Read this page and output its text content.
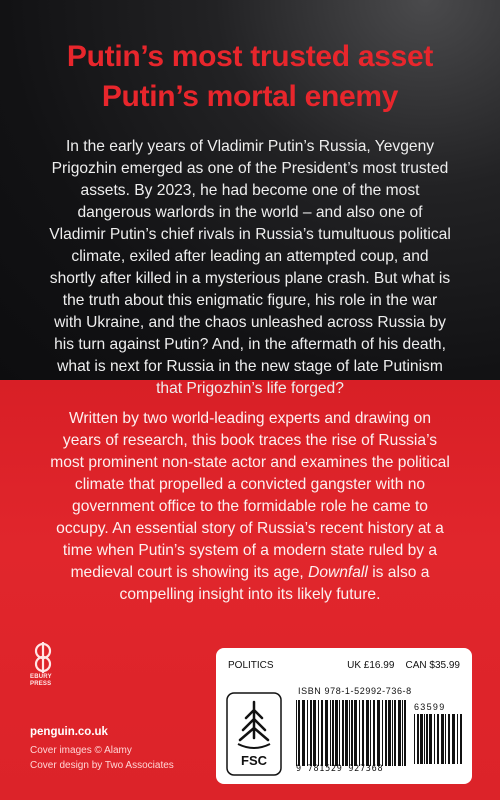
Putin’s most trusted asset
Putin’s mortal enemy

In the early years of Vladimir Putin’s Russia, Yevgeny Prigozhin emerged as one of the President’s most trusted assets. By 2023, he had become one of the most dangerous warlords in the world – and also one of Vladimir Putin’s chief rivals in Russia’s tumultuous political climate, exiled after leading an attempted coup, and shortly after killed in a mysterious plane crash. But what is the truth about this enigmatic figure, his role in the war with Ukraine, and the chaos unleashed across Russia by his turn against Putin? And, in the aftermath of his death, what is next for Russia in the new stage of late Putinism that Prigozhin’s life forged?

Written by two world-leading experts and drawing on years of research, this book traces the rise of Russia’s most prominent non-state actor and examines the political climate that propelled a convicted gangster with no government office to the formidable role he came to occupy. An essential story of Russia’s recent history at a time when Putin’s system of a modern state ruled by a medieval court is showing its age, Downfall is also a compelling insight into its likely future.

EBURY
PRESS
penguin.co.uk
Cover images © Alamy
Cover design by Two Associates
POLITICS	UK £16.99    CAN $35.99
ISBN 978-1-52992-736-8
FSC
63599
9 781529 927368
